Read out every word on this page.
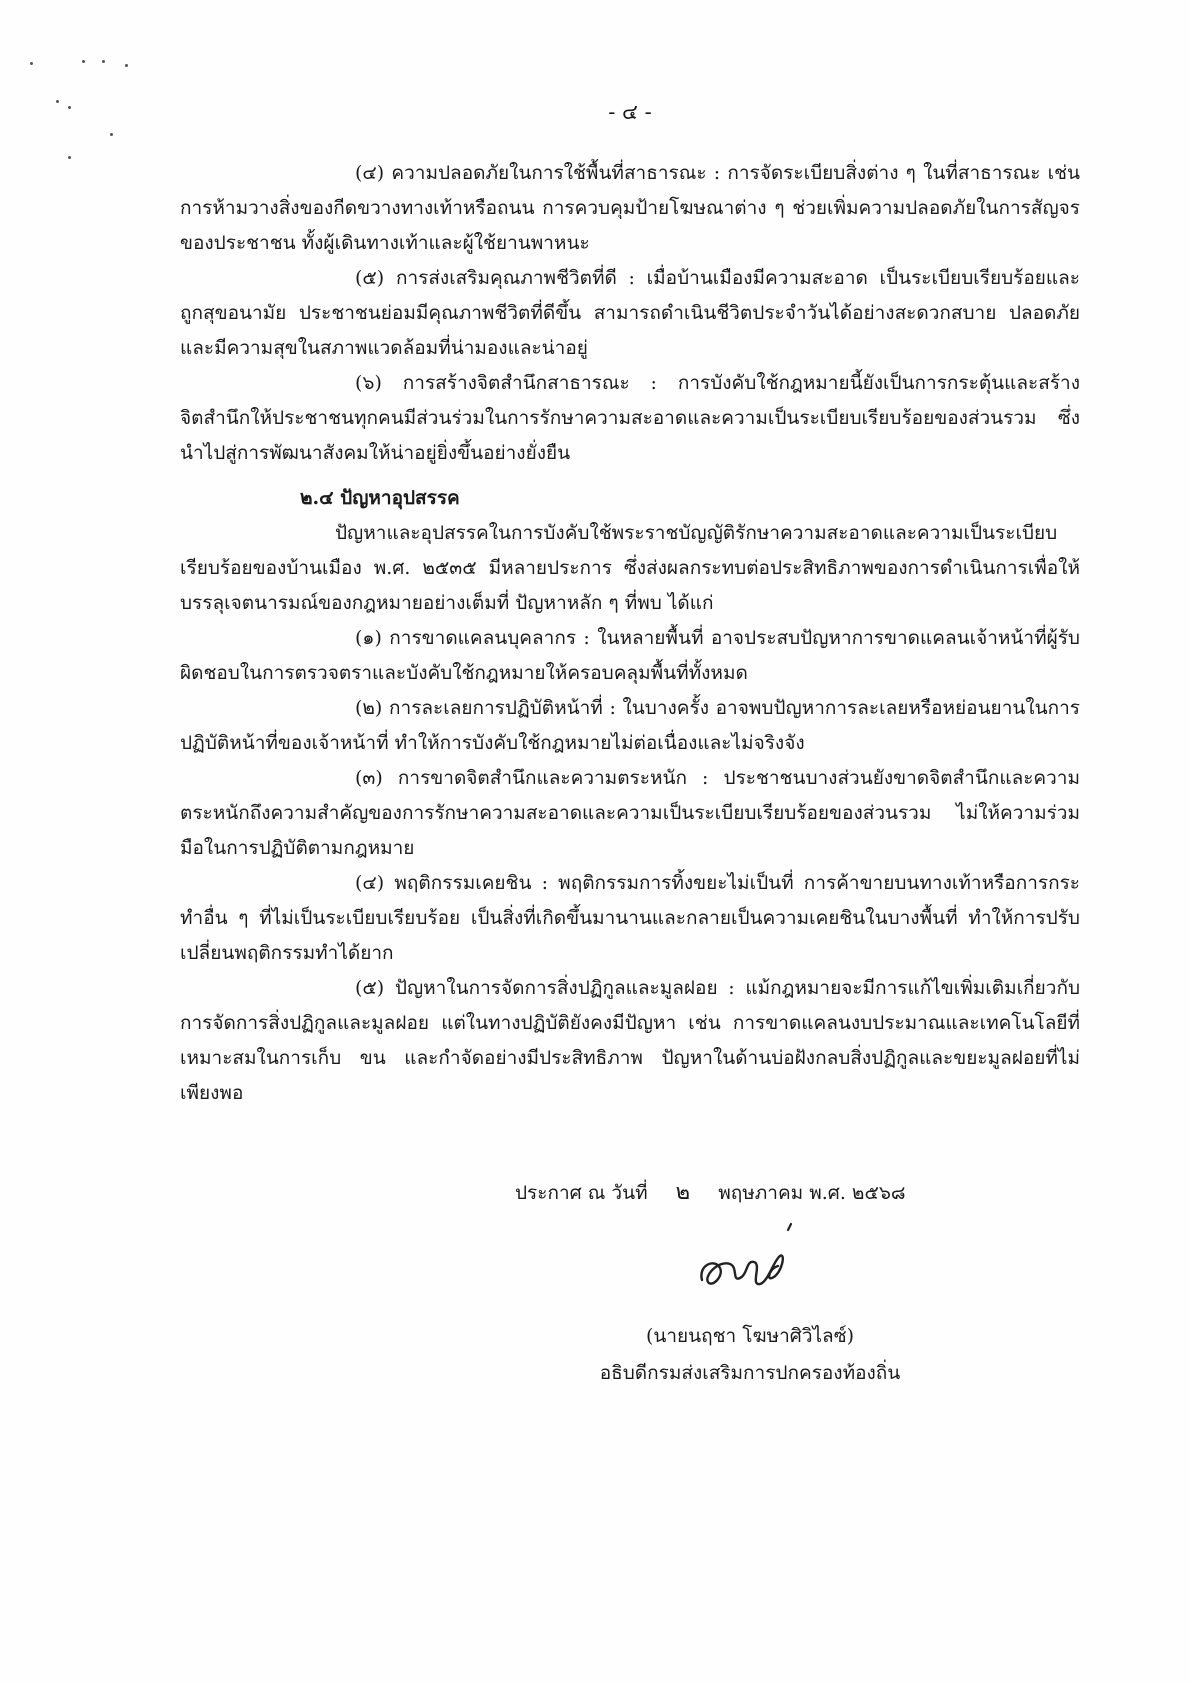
- ๔ -

(๔) ความปลอดภัยในการใช้พื้นที่สาธารณะ : การจัดระเบียบสิ่งต่าง ๆ ในที่สาธารณะ เช่น การห้ามวางสิ่งของกีดขวางทางเท้าหรือถนน การควบคุมป้ายโฆษณาต่าง ๆ ช่วยเพิ่มความปลอดภัยในการสัญจรของประชาชน ทั้งผู้เดินทางเท้าและผู้ใช้ยานพาหนะ

(๕) การส่งเสริมคุณภาพชีวิตที่ดี : เมื่อบ้านเมืองมีความสะอาด เป็นระเบียบเรียบร้อยและถูกสุขอนามัย ประชาชนย่อมมีคุณภาพชีวิตที่ดีขึ้น สามารถดำเนินชีวิตประจำวันได้อย่างสะดวกสบาย ปลอดภัย และมีความสุขในสภาพแวดล้อมที่น่ามองและน่าอยู่

(๖) การสร้างจิตสำนึกสาธารณะ : การบังคับใช้กฎหมายนี้ยังเป็นการกระตุ้นและสร้างจิตสำนึกให้ประชาชนทุกคนมีส่วนร่วมในการรักษาความสะอาดและความเป็นระเบียบเรียบร้อยของส่วนรวม ซึ่งนำไปสู่การพัฒนาสังคมให้น่าอยู่ยิ่งขึ้นอย่างยั่งยืน

๒.๔ ปัญหาอุปสรรค

ปัญหาและอุปสรรคในการบังคับใช้พระราชบัญญัติรักษาความสะอาดและความเป็นระเบียบเรียบร้อยของบ้านเมือง พ.ศ. ๒๕๓๕ มีหลายประการ ซึ่งส่งผลกระทบต่อประสิทธิภาพของการดำเนินการเพื่อให้บรรลุเจตนารมณ์ของกฎหมายอย่างเต็มที่ ปัญหาหลัก ๆ ที่พบ ได้แก่

(๑) การขาดแคลนบุคลากร : ในหลายพื้นที่ อาจประสบปัญหาการขาดแคลนเจ้าหน้าที่ผู้รับผิดชอบในการตรวจตราและบังคับใช้กฎหมายให้ครอบคลุมพื้นที่ทั้งหมด

(๒) การละเลยการปฏิบัติหน้าที่ : ในบางครั้ง อาจพบปัญหาการละเลยหรือหย่อนยานในการปฏิบัติหน้าที่ของเจ้าหน้าที่ ทำให้การบังคับใช้กฎหมายไม่ต่อเนื่องและไม่จริงจัง

(๓) การขาดจิตสำนึกและความตระหนัก : ประชาชนบางส่วนยังขาดจิตสำนึกและความตระหนักถึงความสำคัญของการรักษาความสะอาดและความเป็นระเบียบเรียบร้อยของส่วนรวม ไม่ให้ความร่วมมือในการปฏิบัติตามกฎหมาย

(๔) พฤติกรรมเคยชิน : พฤติกรรมการทิ้งขยะไม่เป็นที่ การค้าขายบนทางเท้าหรือการกระทำอื่น ๆ ที่ไม่เป็นระเบียบเรียบร้อย เป็นสิ่งที่เกิดขึ้นมานานและกลายเป็นความเคยชินในบางพื้นที่ ทำให้การปรับเปลี่ยนพฤติกรรมทำได้ยาก

(๕) ปัญหาในการจัดการสิ่งปฏิกูลและมูลฝอย : แม้กฎหมายจะมีการแก้ไขเพิ่มเติมเกี่ยวกับการจัดการสิ่งปฏิกูลและมูลฝอย แต่ในทางปฏิบัติยังคงมีปัญหา เช่น การขาดแคลนงบประมาณและเทคโนโลยีที่เหมาะสมในการเก็บ ขน และกำจัดอย่างมีประสิทธิภาพ ปัญหาในด้านบ่อฝังกลบสิ่งปฏิกูลและขยะมูลฝอยที่ไม่เพียงพอ

ประกาศ ณ วันที่ ๒ พฤษภาคม พ.ศ. ๒๕๖๘
(นายนฤชา โฆษาศิวิไลซ์)
อธิบดีกรมส่งเสริมการปกครองท้องถิ่น
